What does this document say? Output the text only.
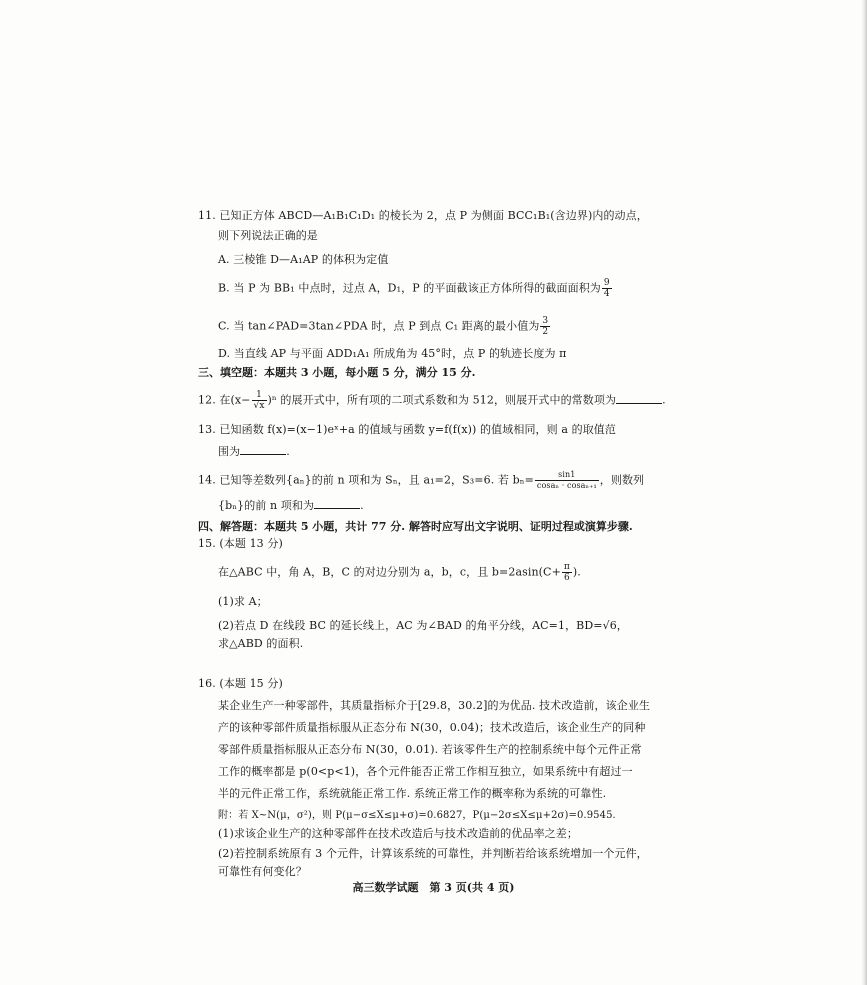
11. 已知正方体 ABCD—A₁B₁C₁D₁ 的棱长为 2，点 P 为侧面 BCC₁B₁(含边界)内的动点，
则下列说法正确的是
A. 三棱锥 D—A₁AP 的体积为定值
B. 当 P 为 BB₁ 中点时，过点 A，D₁，P 的平面截该正方体所得的截面面积为 $\frac{9}{4}$
C. 当 tan∠PAD=3tan∠PDA 时，点 P 到点 C₁ 距离的最小值为 $\frac{3}{2}$
D. 当直线 AP 与平面 ADD₁A₁ 所成角为 45°时，点 P 的轨迹长度为 π
三、填空题：本题共 3 小题，每小题 5 分，满分 15 分.
12. 在$(x- \frac{1}{√x} )^n$ 的展开式中，所有项的二项式系数和为 512，则展开式中的常数项为	.
13. 已知函数 f(x)=(x−1)eˣ+a 的值域与函数 y=f(f(x)) 的值域相同，则 a 的取值范
围为	.
14. 已知等差数列{aₙ}的前 n 项和为 Sₙ，且 a₁=2，S₃=6. 若 $b_n= \frac{\sin 1}{\text{cosaₙ · cosaₙ₊₁}}$ ，则数列
{bₙ}的前 n 项和为	.
四、解答题：本题共 5 小题，共计 77 分. 解答时应写出文字说明、证明过程或演算步骤.
15. (本题 13 分)
在△ABC 中，角 A，B，C 的对边分别为 a，b，c，且 $b=2asin(C+ \frac{\pi}{6}$ ).
(1)求 A；
(2)若点 D 在线段 BC 的延长线上，AC 为∠BAD 的角平分线，AC=1，BD=√6，
求△ABD 的面积.
16. (本题 15 分)
某企业生产一种零部件，其质量指标介于[29.8，30.2]的为优品. 技术改造前，该企业生
产的该种零部件质量指标服从正态分布 N(30，0.04)；技术改造后，该企业生产的同种
零部件质量指标服从正态分布 N(30，0.01). 若该零件生产的控制系统中每个元件正常
工作的概率都是 p(0<p<1)，各个元件能否正常工作相互独立，如果系统中有超过一
半的元件正常工作，系统就能正常工作. 系统正常工作的概率称为系统的可靠性.
附：若 X~N(μ，σ²)，则 P(μ−σ≤X≤μ+σ)=0.6827，P(μ−2σ≤X≤μ+2σ)=0.9545.
(1)求该企业生产的这种零部件在技术改造后与技术改造前的优品率之差；
(2)若控制系统原有 3 个元件，计算该系统的可靠性，并判断若给该系统增加一个元件，
可靠性有何变化？
高三数学试题　第 3 页(共 4 页)
